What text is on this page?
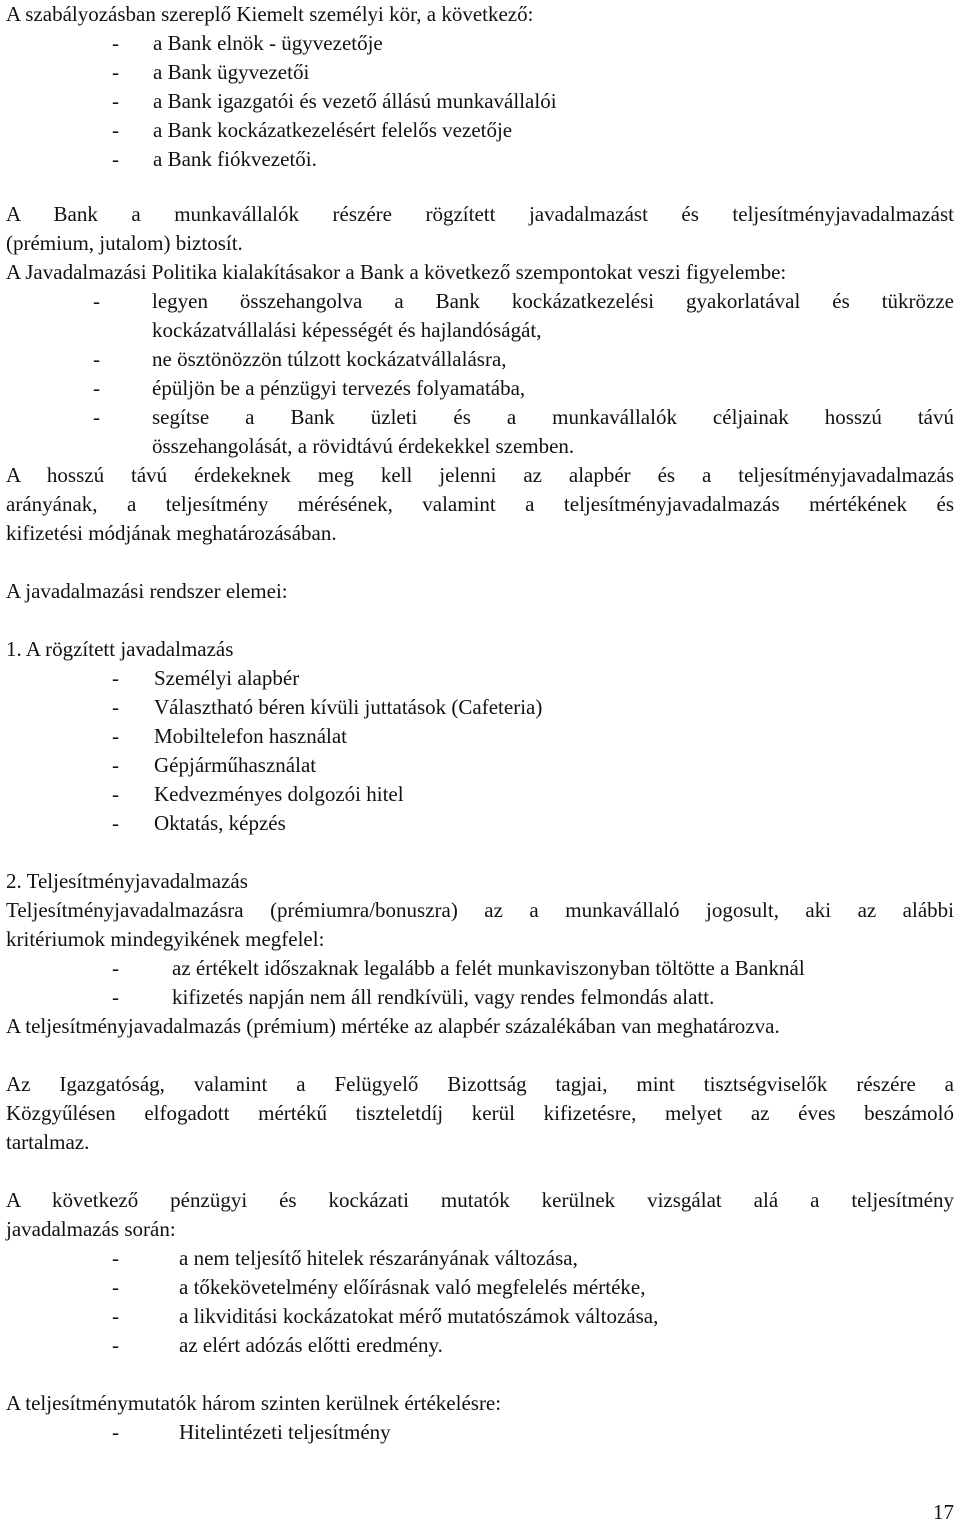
A szabályozásban szereplő Kiemelt személyi kör, a következő:
- a Bank elnök - ügyvezetője
- a Bank ügyvezetői
- a Bank igazgatói és vezető állású munkavállalói
- a Bank kockázatkezelésért felelős vezetője
- a Bank fiókvezetői.
A Bank a munkavállalók részére rögzített javadalmazást és teljesítményjavadalmazást
(prémium, jutalom) biztosít.
A Javadalmazási Politika kialakításakor a Bank a következő szempontokat veszi figyelembe:
- legyen összehangolva a Bank kockázatkezelési gyakorlatával és tükrözze
kockázatvállalási képességét és hajlandóságát,
- ne ösztönözzön túlzott kockázatvállalásra,
- épüljön be a pénzügyi tervezés folyamatába,
- segítse a Bank üzleti és a munkavállalók céljainak hosszú távú
összehangolását, a rövidtávú érdekekkel szemben.
A hosszú távú érdekeknek meg kell jelenni az alapbér és a teljesítményjavadalmazás
arányának, a teljesítmény mérésének, valamint a teljesítményjavadalmazás mértékének és
kifizetési módjának meghatározásában.
A javadalmazási rendszer elemei:
1. A rögzített javadalmazás
- Személyi alapbér
- Választható béren kívüli juttatások (Cafeteria)
- Mobiltelefon használat
- Gépjárműhasználat
- Kedvezményes dolgozói hitel
- Oktatás, képzés
2. Teljesítményjavadalmazás
Teljesítményjavadalmazásra (prémiumra/bonuszra) az a munkavállaló jogosult, aki az alábbi
kritériumok mindegyikének megfelel:
-	az értékelt időszaknak legalább a felét munkaviszonyban töltötte a Banknál
-	kifizetés napján nem áll rendkívüli, vagy rendes felmondás alatt.
A teljesítményjavadalmazás (prémium) mértéke az alapbér százalékában van meghatározva.
Az Igazgatóság, valamint a Felügyelő Bizottság tagjai, mint tisztségviselők részére a
Közgyűlésen elfogadott mértékű tiszteletdíj kerül kifizetésre, melyet az éves beszámoló
tartalmaz.
A következő pénzügyi és kockázati mutatók kerülnek vizsgálat alá a teljesítmény
javadalmazás során:
-	a nem teljesítő hitelek részarányának változása,
-	a tőkekövetelmény előírásnak való megfelelés mértéke,
-	a likviditási kockázatokat mérő mutatószámok változása,
-	az elért adózás előtti eredmény.
A teljesítménymutatók három szinten kerülnek értékelésre:
-	Hitelintézeti teljesítmény
17
